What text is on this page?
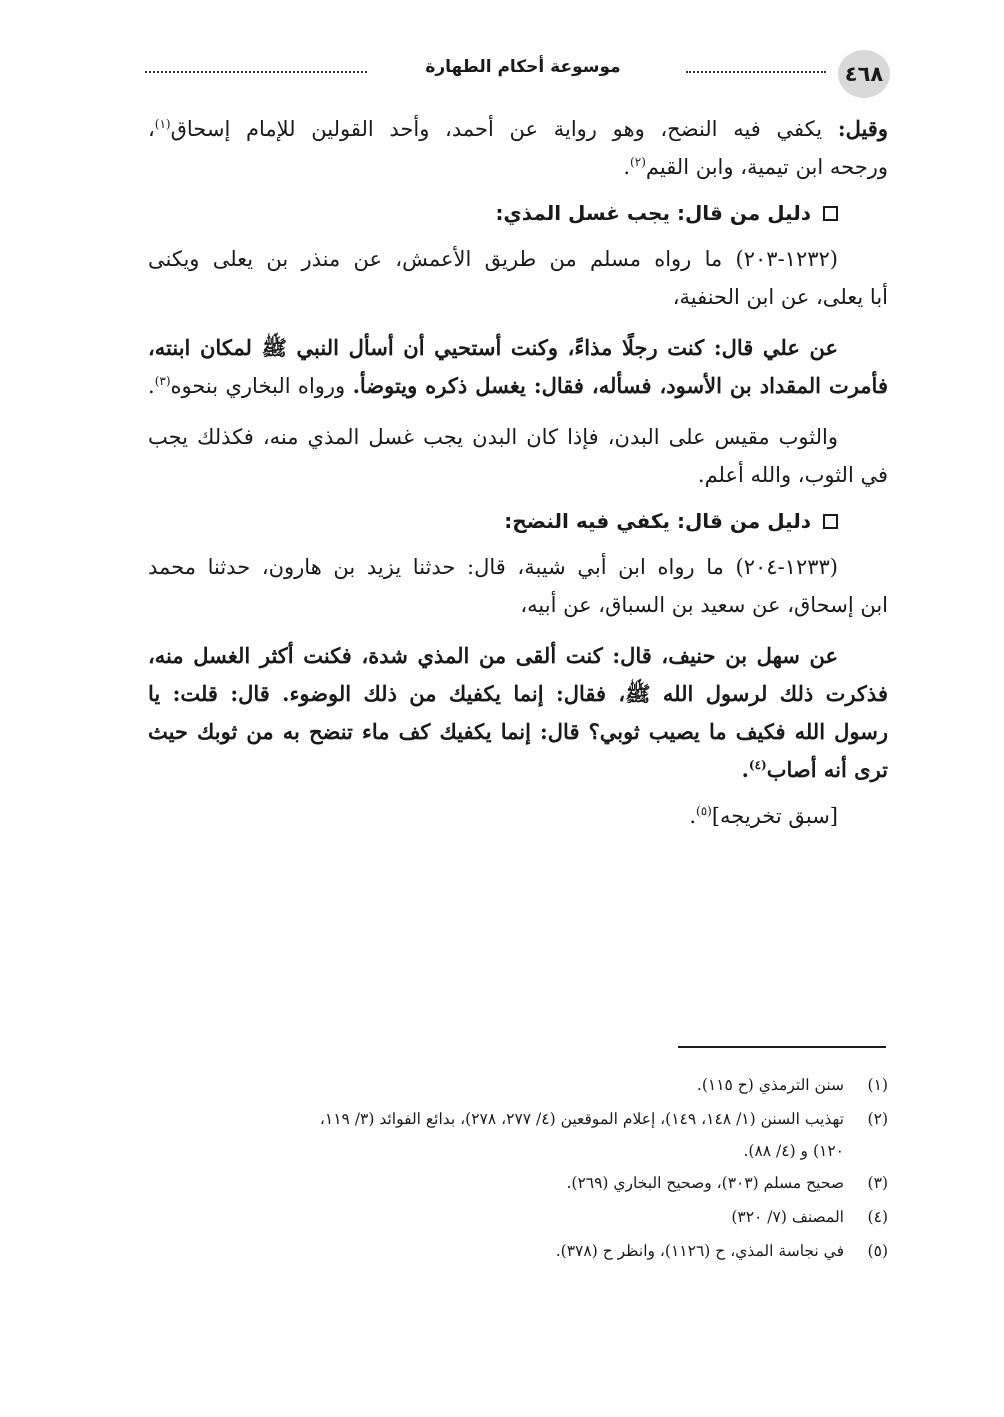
٤٦٨
موسوعة أحكام الطهارة
وقيل: يكفي فيه النضح، وهو رواية عن أحمد، وأحد القولين للإمام إسحاق$^{(١)}$،
ورجحه ابن تيمية، وابن القيم$^{(٢)}$.
دليل من قال: يجب غسل المذي:
(١٢٣٢-٢٠٣) ما رواه مسلم من طريق الأعمش، عن منذر بن يعلى ويكنى
أبا يعلى، عن ابن الحنفية،
عن علي قال: كنت رجلًا مذاءً، وكنت أستحيي أن أسأل النبي ﷺ لمكان ابنته،
فأمرت المقداد بن الأسود، فسأله، فقال: يغسل ذكره ويتوضأ. ورواه البخاري بنحوه$^{(٣)}$.
والثوب مقيس على البدن، فإذا كان البدن يجب غسل المذي منه، فكذلك يجب
في الثوب، والله أعلم.
دليل من قال: يكفي فيه النضح:
(١٢٣٣-٢٠٤) ما رواه ابن أبي شيبة، قال: حدثنا يزيد بن هارون، حدثنا محمد
ابن إسحاق، عن سعيد بن السباق، عن أبيه،
عن سهل بن حنيف، قال: كنت ألقى من المذي شدة، فكنت أكثر الغسل منه،
فذكرت ذلك لرسول الله ﷺ، فقال: إنما يكفيك من ذلك الوضوء. قال: قلت: يا
رسول الله فكيف ما يصيب ثوبي؟ قال: إنما يكفيك كف ماء تنضح به من ثوبك حيث
ترى أنه أصاب$^{(٤)}$.
[سبق تخريجه]$^{(٥)}$.
(١)
سنن الترمذي (ح ١١٥).
(٢)
تهذيب السنن (١/ ١٤٨، ١٤٩)، إعلام الموقعين (٤/ ٢٧٧، ٢٧٨)، بدائع الفوائد (٣/ ١١٩،
١٢٠) و (٤/ ٨٨).
(٣)
صحيح مسلم (٣٠٣)، وصحيح البخاري (٢٦٩).
(٤)
المصنف (٧/ ٣٢٠)
(٥)
في نجاسة المذي، ح (١١٢٦)، وانظر ح (٣٧٨).
